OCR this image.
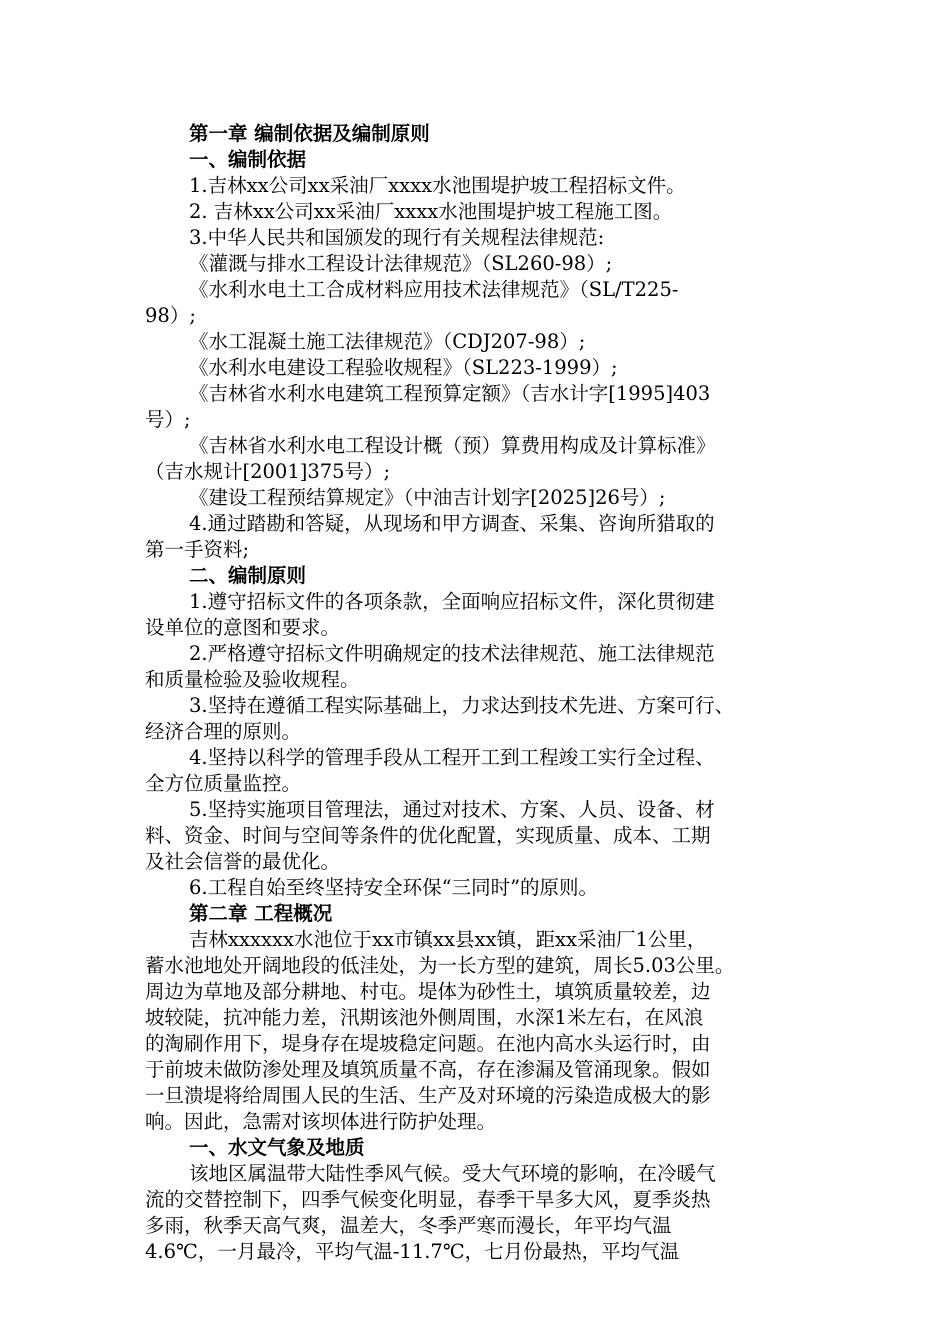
第一章 编制依据及编制原则
一、编制依据
1.吉林xx公司xx采油厂xxxx水池围堤护坡工程招标文件。
2. 吉林xx公司xx采油厂xxxx水池围堤护坡工程施工图。
3.中华人民共和国颁发的现行有关规程法律规范:
《灌溉与排水工程设计法律规范》（SL260-98）;
《水利水电土工合成材料应用技术法律规范》（SL/T225-
98）;
《水工混凝土施工法律规范》（CDJ207-98）;
《水利水电建设工程验收规程》（SL223-1999）;
《吉林省水利水电建筑工程预算定额》（吉水计字[1995]403
号）;
《吉林省水利水电工程设计概（预）算费用构成及计算标准》
（吉水规计[2001]375号）;
《建设工程预结算规定》（中油吉计划字[2025]26号）;
4.通过踏勘和答疑，从现场和甲方调查、采集、咨询所猎取的
第一手资料;
二、编制原则
1.遵守招标文件的各项条款，全面响应招标文件，深化贯彻建
设单位的意图和要求。
2.严格遵守招标文件明确规定的技术法律规范、施工法律规范
和质量检验及验收规程。
3.坚持在遵循工程实际基础上，力求达到技术先进、方案可行、
经济合理的原则。
4.坚持以科学的管理手段从工程开工到工程竣工实行全过程、
全方位质量监控。
5.坚持实施项目管理法，通过对技术、方案、人员、设备、材
料、资金、时间与空间等条件的优化配置，实现质量、成本、工期
及社会信誉的最优化。
6.工程自始至终坚持安全环保“三同时”的原则。
第二章 工程概况
吉林xxxxxx水池位于xx市镇xx县xx镇，距xx采油厂1公里，
蓄水池地处开阔地段的低洼处，为一长方型的建筑，周长5.03公里。
周边为草地及部分耕地、村屯。堤体为砂性土，填筑质量较差，边
坡较陡，抗冲能力差，汛期该池外侧周围，水深1米左右，在风浪
的淘刷作用下，堤身存在堤坡稳定问题。在池内高水头运行时，由
于前坡未做防渗处理及填筑质量不高，存在渗漏及管涌现象。假如
一旦溃堤将给周围人民的生活、生产及对环境的污染造成极大的影
响。因此，急需对该坝体进行防护处理。
一、水文气象及地质
该地区属温带大陆性季风气候。受大气环境的影响，在冷暖气
流的交替控制下，四季气候变化明显，春季干旱多大风，夏季炎热
多雨，秋季天高气爽，温差大，冬季严寒而漫长，年平均气温
4.6℃，一月最冷，平均气温-11.7℃，七月份最热，平均气温
